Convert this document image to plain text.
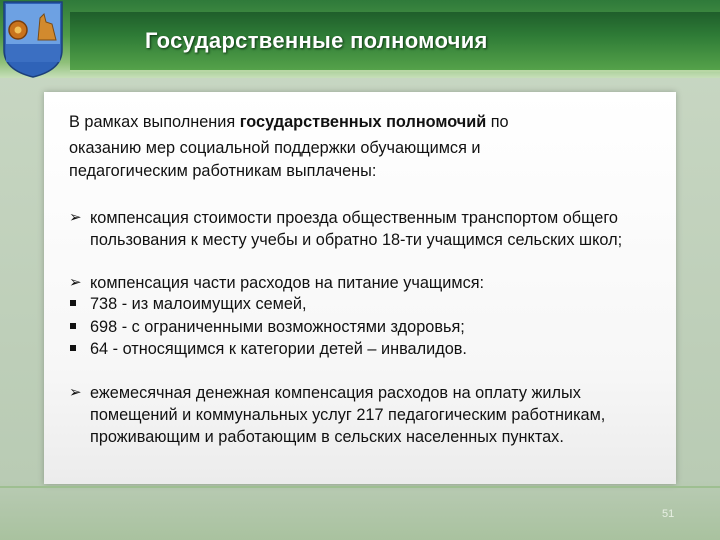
Государственные полномочия
В рамках выполнения государственных полномочий по
оказанию мер социальной поддержки обучающимся и
педагогическим работникам выплачены:
➢ компенсация стоимости проезда общественным транспортом общего
пользования к месту учебы и обратно 18-ти учащимся сельских школ;
➢ компенсация части расходов на питание учащимся:
738 - из малоимущих семей,
698 - с ограниченными возможностями здоровья;
64 - относящимся к категории детей – инвалидов.
➢ ежемесячная денежная компенсация расходов на оплату жилых
помещений и коммунальных услуг 217 педагогическим работникам,
проживающим и работающим в сельских населенных пунктах.
51
